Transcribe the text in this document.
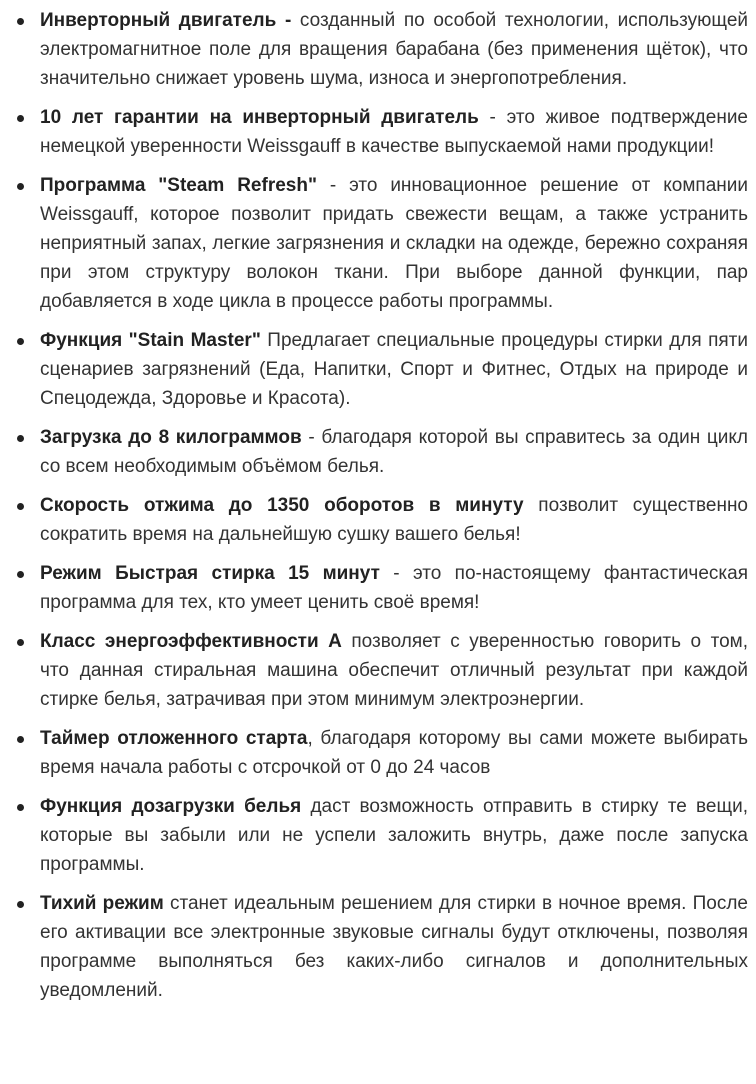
Инверторный двигатель - созданный по особой технологии, использующей электромагнитное поле для вращения барабана (без применения щёток), что значительно снижает уровень шума, износа и энергопотребления.
10 лет гарантии на инверторный двигатель - это живое подтверждение немецкой уверенности Weissgauff в качестве выпускаемой нами продукции!
Программа "Steam Refresh" - это инновационное решение от компании Weissgauff, которое позволит придать свежести вещам, а также устранить неприятный запах, легкие загрязнения и складки на одежде, бережно сохраняя при этом структуру волокон ткани. При выборе данной функции, пар добавляется в ходе цикла в процессе работы программы.
Функция "Stain Master" Предлагает специальные процедуры стирки для пяти сценариев загрязнений (Еда, Напитки, Спорт и Фитнес, Отдых на природе и Спецодежда, Здоровье и Красота).
Загрузка до 8 килограммов - благодаря которой вы справитесь за один цикл со всем необходимым объёмом белья.
Скорость отжима до 1350 оборотов в минуту позволит существенно сократить время на дальнейшую сушку вашего белья!
Режим Быстрая стирка 15 минут - это по-настоящему фантастическая программа для тех, кто умеет ценить своё время!
Класс энергоэффективности А позволяет с уверенностью говорить о том, что данная стиральная машина обеспечит отличный результат при каждой стирке белья, затрачивая при этом минимум электроэнергии.
Таймер отложенного старта, благодаря которому вы сами можете выбирать время начала работы с отсрочкой от 0 до 24 часов
Функция дозагрузки белья даст возможность отправить в стирку те вещи, которые вы забыли или не успели заложить внутрь, даже после запуска программы.
Тихий режим станет идеальным решением для стирки в ночное время. После его активации все электронные звуковые сигналы будут отключены, позволяя программе выполняться без каких-либо сигналов и дополнительных уведомлений.
